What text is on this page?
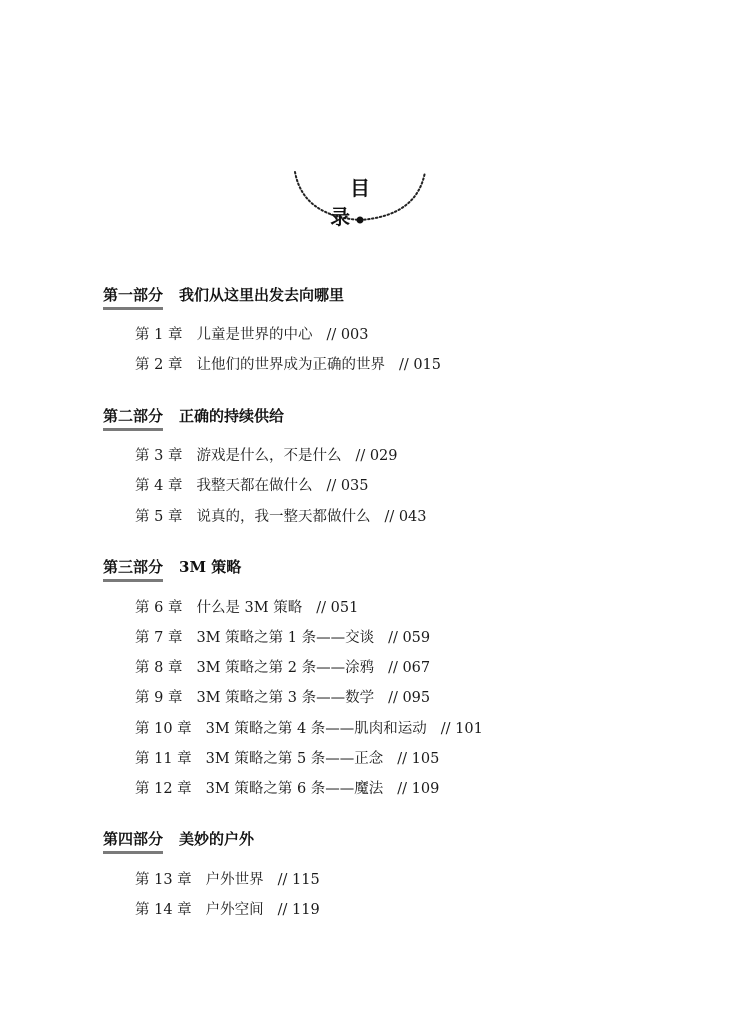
目　录
第一部分 我们从这里出发去向哪里
第 1 章 儿童是世界的中心 // 003
第 2 章 让他们的世界成为正确的世界 // 015
第二部分 正确的持续供给
第 3 章 游戏是什么，不是什么 // 029
第 4 章 我整天都在做什么 // 035
第 5 章 说真的，我一整天都做什么 // 043
第三部分 3M 策略
第 6 章 什么是 3M 策略 // 051
第 7 章 3M 策略之第 1 条——交谈 // 059
第 8 章 3M 策略之第 2 条——涂鸦 // 067
第 9 章 3M 策略之第 3 条——数学 // 095
第 10 章 3M 策略之第 4 条——肌肉和运动 // 101
第 11 章 3M 策略之第 5 条——正念 // 105
第 12 章 3M 策略之第 6 条——魔法 // 109
第四部分 美妙的户外
第 13 章 户外世界 // 115
第 14 章 户外空间 // 119
